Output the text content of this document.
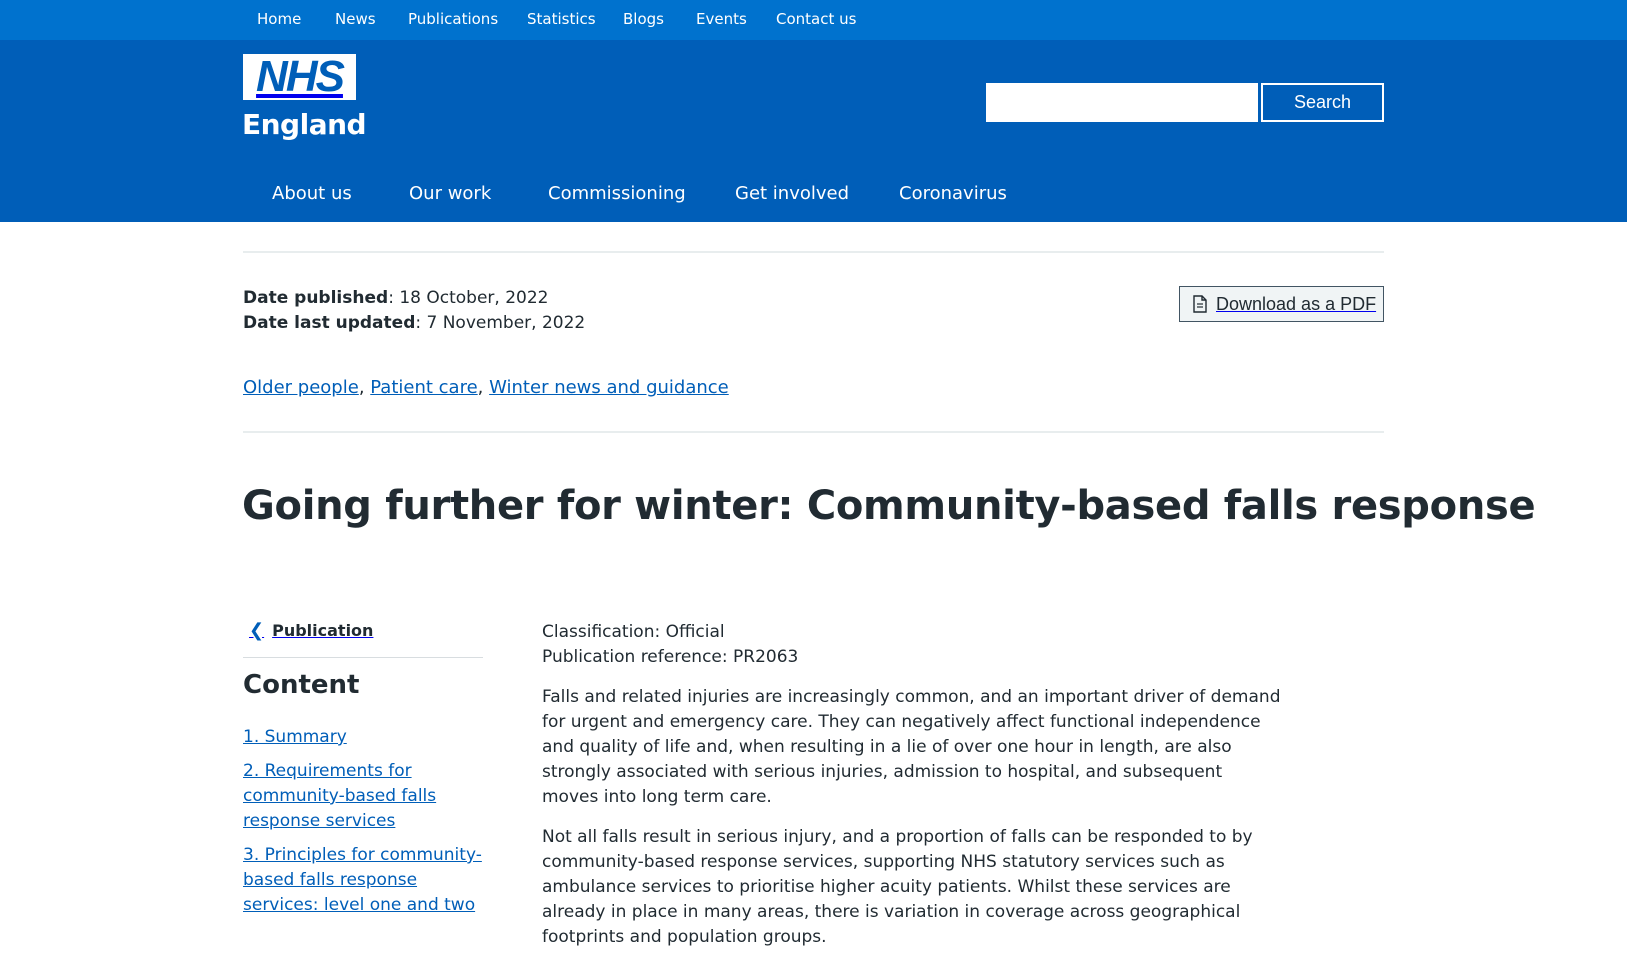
Home News Publications Statistics Blogs Events Contact us
NHS
England
Search
About us	Our work	Commissioning	Get involved	Coronavirus
Date published: 18 October, 2022
Date last updated: 7 November, 2022
Download as a PDF
Older people, Patient care, Winter news and guidance
Going further for winter: Community-based falls response
❮ Publication
Content
1. Summary
2. Requirements for community-based falls response services
3. Principles for community-based falls response services: level one and two

Classification: Official

Publication reference: PR2063

Falls and related injuries are increasingly common, and an important driver of demand for urgent and emergency care. They can negatively affect functional independence and quality of life and, when resulting in a lie of over one hour in length, are also strongly associated with serious injuries, admission to hospital, and subsequent moves into long term care.

Not all falls result in serious injury, and a proportion of falls can be responded to by community-based response services, supporting NHS statutory services such as ambulance services to prioritise higher acuity patients. Whilst these services are already in place in many areas, there is variation in coverage across geographical footprints and population groups.
